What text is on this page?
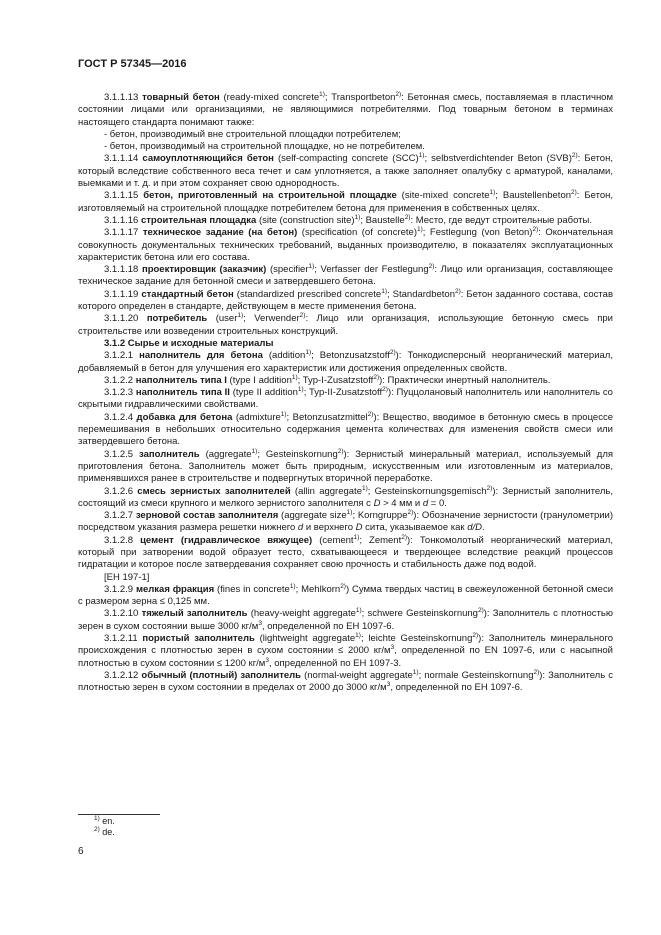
ГОСТ Р 57345—2016

3.1.1.13 товарный бетон (ready-mixed concrete$^{1)}$; Transportbeton$^{2)}$: Бетонная смесь, поставляемая в пластичном состоянии лицами или организациями, не являющимися потребителями. Под товарным бетоном в терминах настоящего стандарта понимают также:

- бетон, производимый вне строительной площадки потребителем;

- бетон, производимый на строительной площадке, но не потребителем.

3.1.1.14 самоуплотняющийся бетон (self-compacting concrete (SCC)$^{1)}$; selbstverdichtender Beton (SVB)$^{2)}$: Бетон, который вследствие собственного веса течет и сам уплотняется, а также заполняет опалубку с арматурой, каналами, выемками и т. д. и при этом сохраняет свою однородность.

3.1.1.15 бетон, приготовленный на строительной площадке (site-mixed concrete$^{1)}$; Baustellenbeton$^{2)}$: Бетон, изготовляемый на строительной площадке потребителем бетона для применения в собственных целях.

3.1.1.16 строительная площадка (site (construction site)$^{1)}$; Baustelle$^{2)}$: Место, где ведут строительные работы.

3.1.1.17 техническое задание (на бетон) (specification (of concrete)$^{1)}$; Festlegung (von Beton)$^{2)}$: Окончательная совокупность документальных технических требований, выданных производителю, в показателях эксплуатационных характеристик бетона или его состава.

3.1.1.18 проектировщик (заказчик) (specifier$^{1)}$; Verfasser der Festlegung$^{2)}$: Лицо или организация, составляющее техническое задание для бетонной смеси и затвердевшего бетона.

3.1.1.19 стандартный бетон (standardized prescribed concrete$^{1)}$; Standardbeton$^{2)}$: Бетон заданного состава, состав которого определен в стандарте, действующем в месте применения бетона.

3.1.1.20 потребитель (user$^{1)}$; Verwender$^{2)}$: Лицо или организация, использующие бетонную смесь при строительстве или возведении строительных конструкций.

3.1.2 Сырье и исходные материалы

3.1.2.1 наполнитель для бетона (addition$^{1)}$; Betonzusatzstoff$^{2)}$): Тонкодисперсный неорганический материал, добавляемый в бетон для улучшения его характеристик или достижения определенных свойств.

3.1.2.2 наполнитель типа I (type I addition$^{1)}$; Typ-I-Zusatzstoff$^{2)}$): Практически инертный наполнитель.

3.1.2.3 наполнитель типа II (type II addition$^{1)}$; Typ-II-Zusatzstoff$^{2)}$): Пуццолановый наполнитель или наполнитель со скрытыми гидравлическими свойствами.

3.1.2.4 добавка для бетона (admixture$^{1)}$; Betonzusatzmittel$^{2)}$): Вещество, вводимое в бетонную смесь в процессе перемешивания в небольших относительно содержания цемента количествах для изменения свойств смеси или затвердевшего бетона.

3.1.2.5 заполнитель (aggregate$^{1)}$; Gesteinskornung$^{2)}$): Зернистый минеральный материал, используемый для приготовления бетона. Заполнитель может быть природным, искусственным или изготовленным из материалов, применявшихся ранее в строительстве и подвергнутых вторичной переработке.

3.1.2.6 смесь зернистых заполнителей (allin aggregate$^{1)}$; Gesteinskornungsgemisch$^{2)}$): Зернистый заполнитель, состоящий из смеси крупного и мелкого зернистого заполнителя с D > 4 мм и d = 0.

3.1.2.7 зерновой состав заполнителя (aggregate size$^{1)}$; Korngruppe$^{2)}$): Обозначение зернистости (гранулометрии) посредством указания размера решетки нижнего d и верхнего D сита, указываемое как d/D.

3.1.2.8 цемент (гидравлическое вяжущее) (cement$^{1)}$; Zement$^{2)}$): Тонкомолотый неорганический материал, который при затворении водой образует тесто, схватывающееся и твердеющее вследствие реакций процессов гидратации и которое после затвердевания сохраняет свою прочность и стабильность даже под водой.

[ЕН 197-1]

3.1.2.9 мелкая фракция (fines in concrete$^{1)}$; Mehlkorn$^{2)}$) Сумма твердых частиц в свежеуложенной бетонной смеси с размером зерна ≤ 0,125 мм.

3.1.2.10 тяжелый заполнитель (heavy-weight aggregate$^{1)}$; schwere Gesteinskornung$^{2)}$): Заполнитель с плотностью зерен в сухом состоянии выше 3000 $кг/м^3$, определенной по ЕН 1097-6.

3.1.2.11 пористый заполнитель (lightweight aggregate$^{1)}$; leichte Gesteinskornung$^{2)}$): Заполнитель минерального происхождения с плотностью зерен в сухом состоянии ≤ 2000 $кг/м^3$, определенной по EN 1097-6, или с насыпной плотностью в сухом состоянии ≤ 1200 $кг/м^3$, определенной по ЕН 1097-3.

3.1.2.12 обычный (плотный) заполнитель (normal-weight aggregate$^{1)}$; normale Gesteinskornung$^{2)}$): Заполнитель с плотностью зерен в сухом состоянии в пределах от 2000 до 3000 $кг/м^3$, определенной по ЕН 1097-6.

$^{1)}$ en.
$^{2)}$ de.
6
